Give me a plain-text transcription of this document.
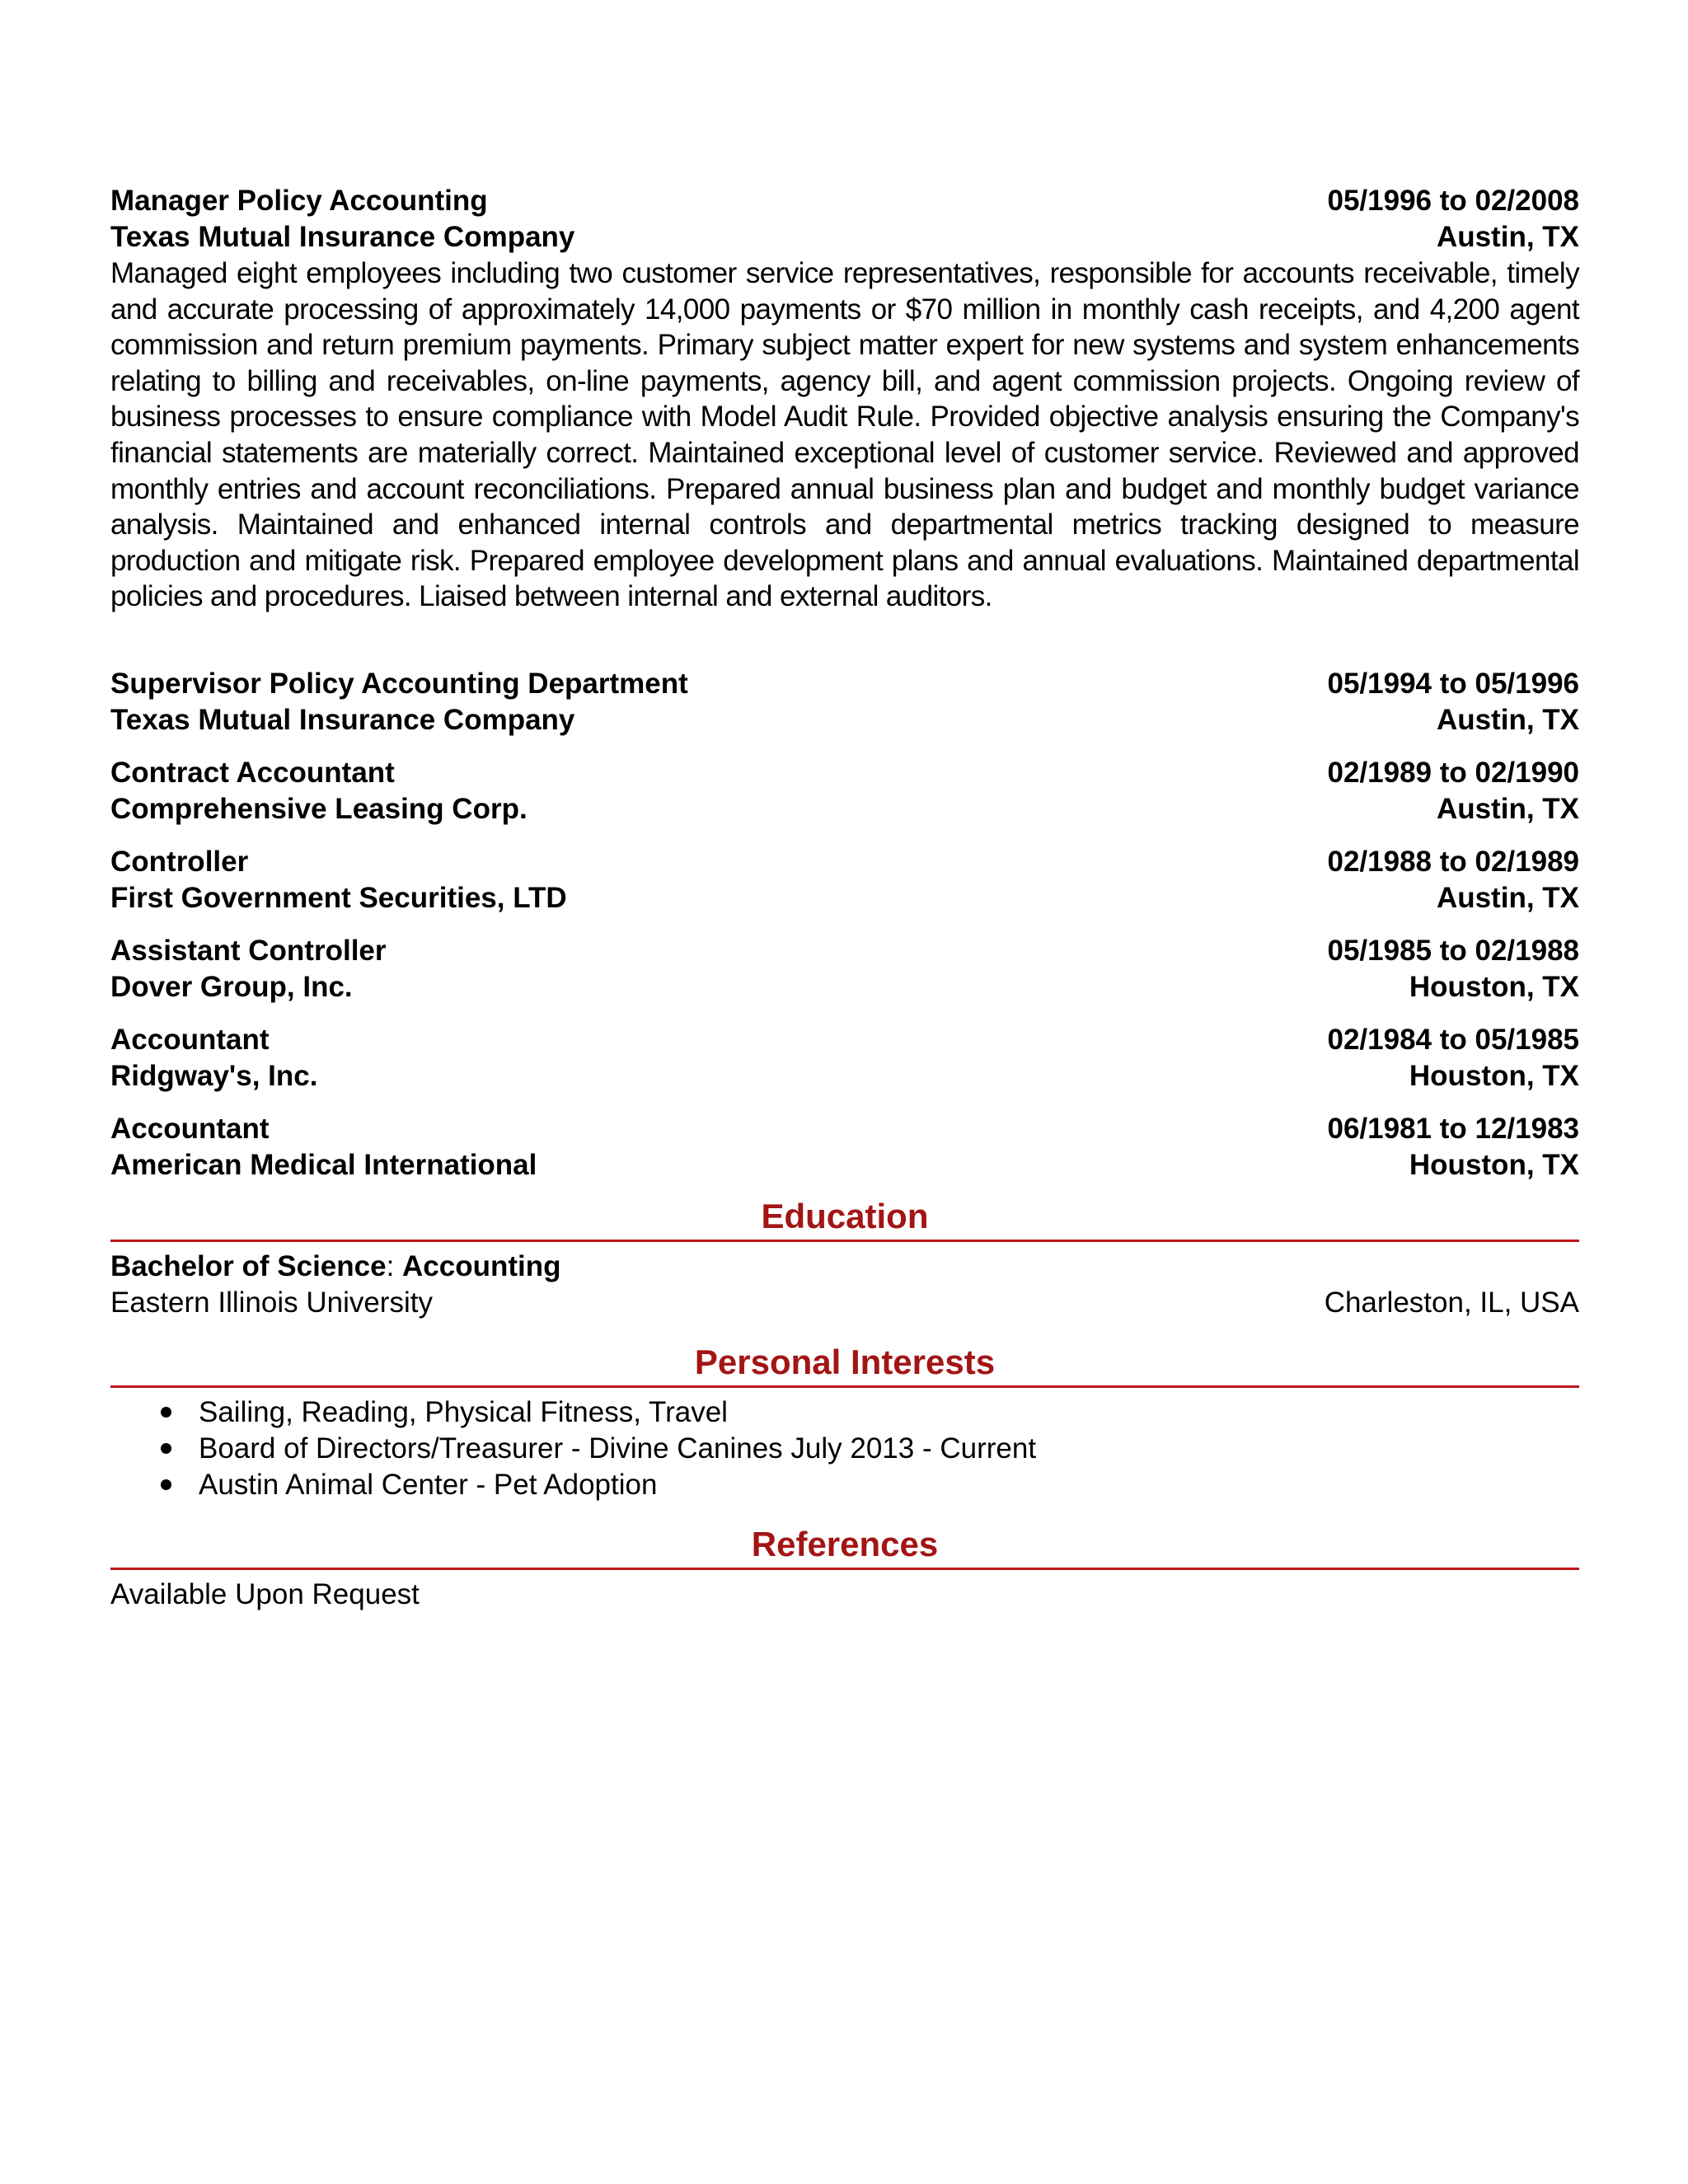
Manager Policy Accounting	05/1996 to 02/2008
Texas Mutual Insurance Company	Austin, TX

Managed eight employees including two customer service representatives, responsible for accounts receivable, timely and accurate processing of approximately 14,000 payments or $70 million in monthly cash receipts, and 4,200 agent commission and return premium payments. Primary subject matter expert for new systems and system enhancements relating to billing and receivables, on-line payments, agency bill, and agent commission projects. Ongoing review of business processes to ensure compliance with Model Audit Rule. Provided objective analysis ensuring the Company's financial statements are materially correct. Maintained exceptional level of customer service. Reviewed and approved monthly entries and account reconciliations. Prepared annual business plan and budget and monthly budget variance analysis. Maintained and enhanced internal controls and departmental metrics tracking designed to measure production and mitigate risk. Prepared employee development plans and annual evaluations. Maintained departmental policies and procedures. Liaised between internal and external auditors.

Supervisor Policy Accounting Department	05/1994 to 05/1996
Texas Mutual Insurance Company	Austin, TX
Contract Accountant	02/1989 to 02/1990
Comprehensive Leasing Corp.	Austin, TX
Controller	02/1988 to 02/1989
First Government Securities, LTD	Austin, TX
Assistant Controller	05/1985 to 02/1988
Dover Group, Inc.	Houston, TX
Accountant	02/1984 to 05/1985
Ridgway's, Inc.	Houston, TX
Accountant	06/1981 to 12/1983
American Medical International	Houston, TX
Education
Bachelor of Science: Accounting
Eastern Illinois University	Charleston, IL, USA
Personal Interests
Sailing, Reading, Physical Fitness, Travel
Board of Directors/Treasurer - Divine Canines July 2013 - Current
Austin Animal Center - Pet Adoption
References
Available Upon Request
